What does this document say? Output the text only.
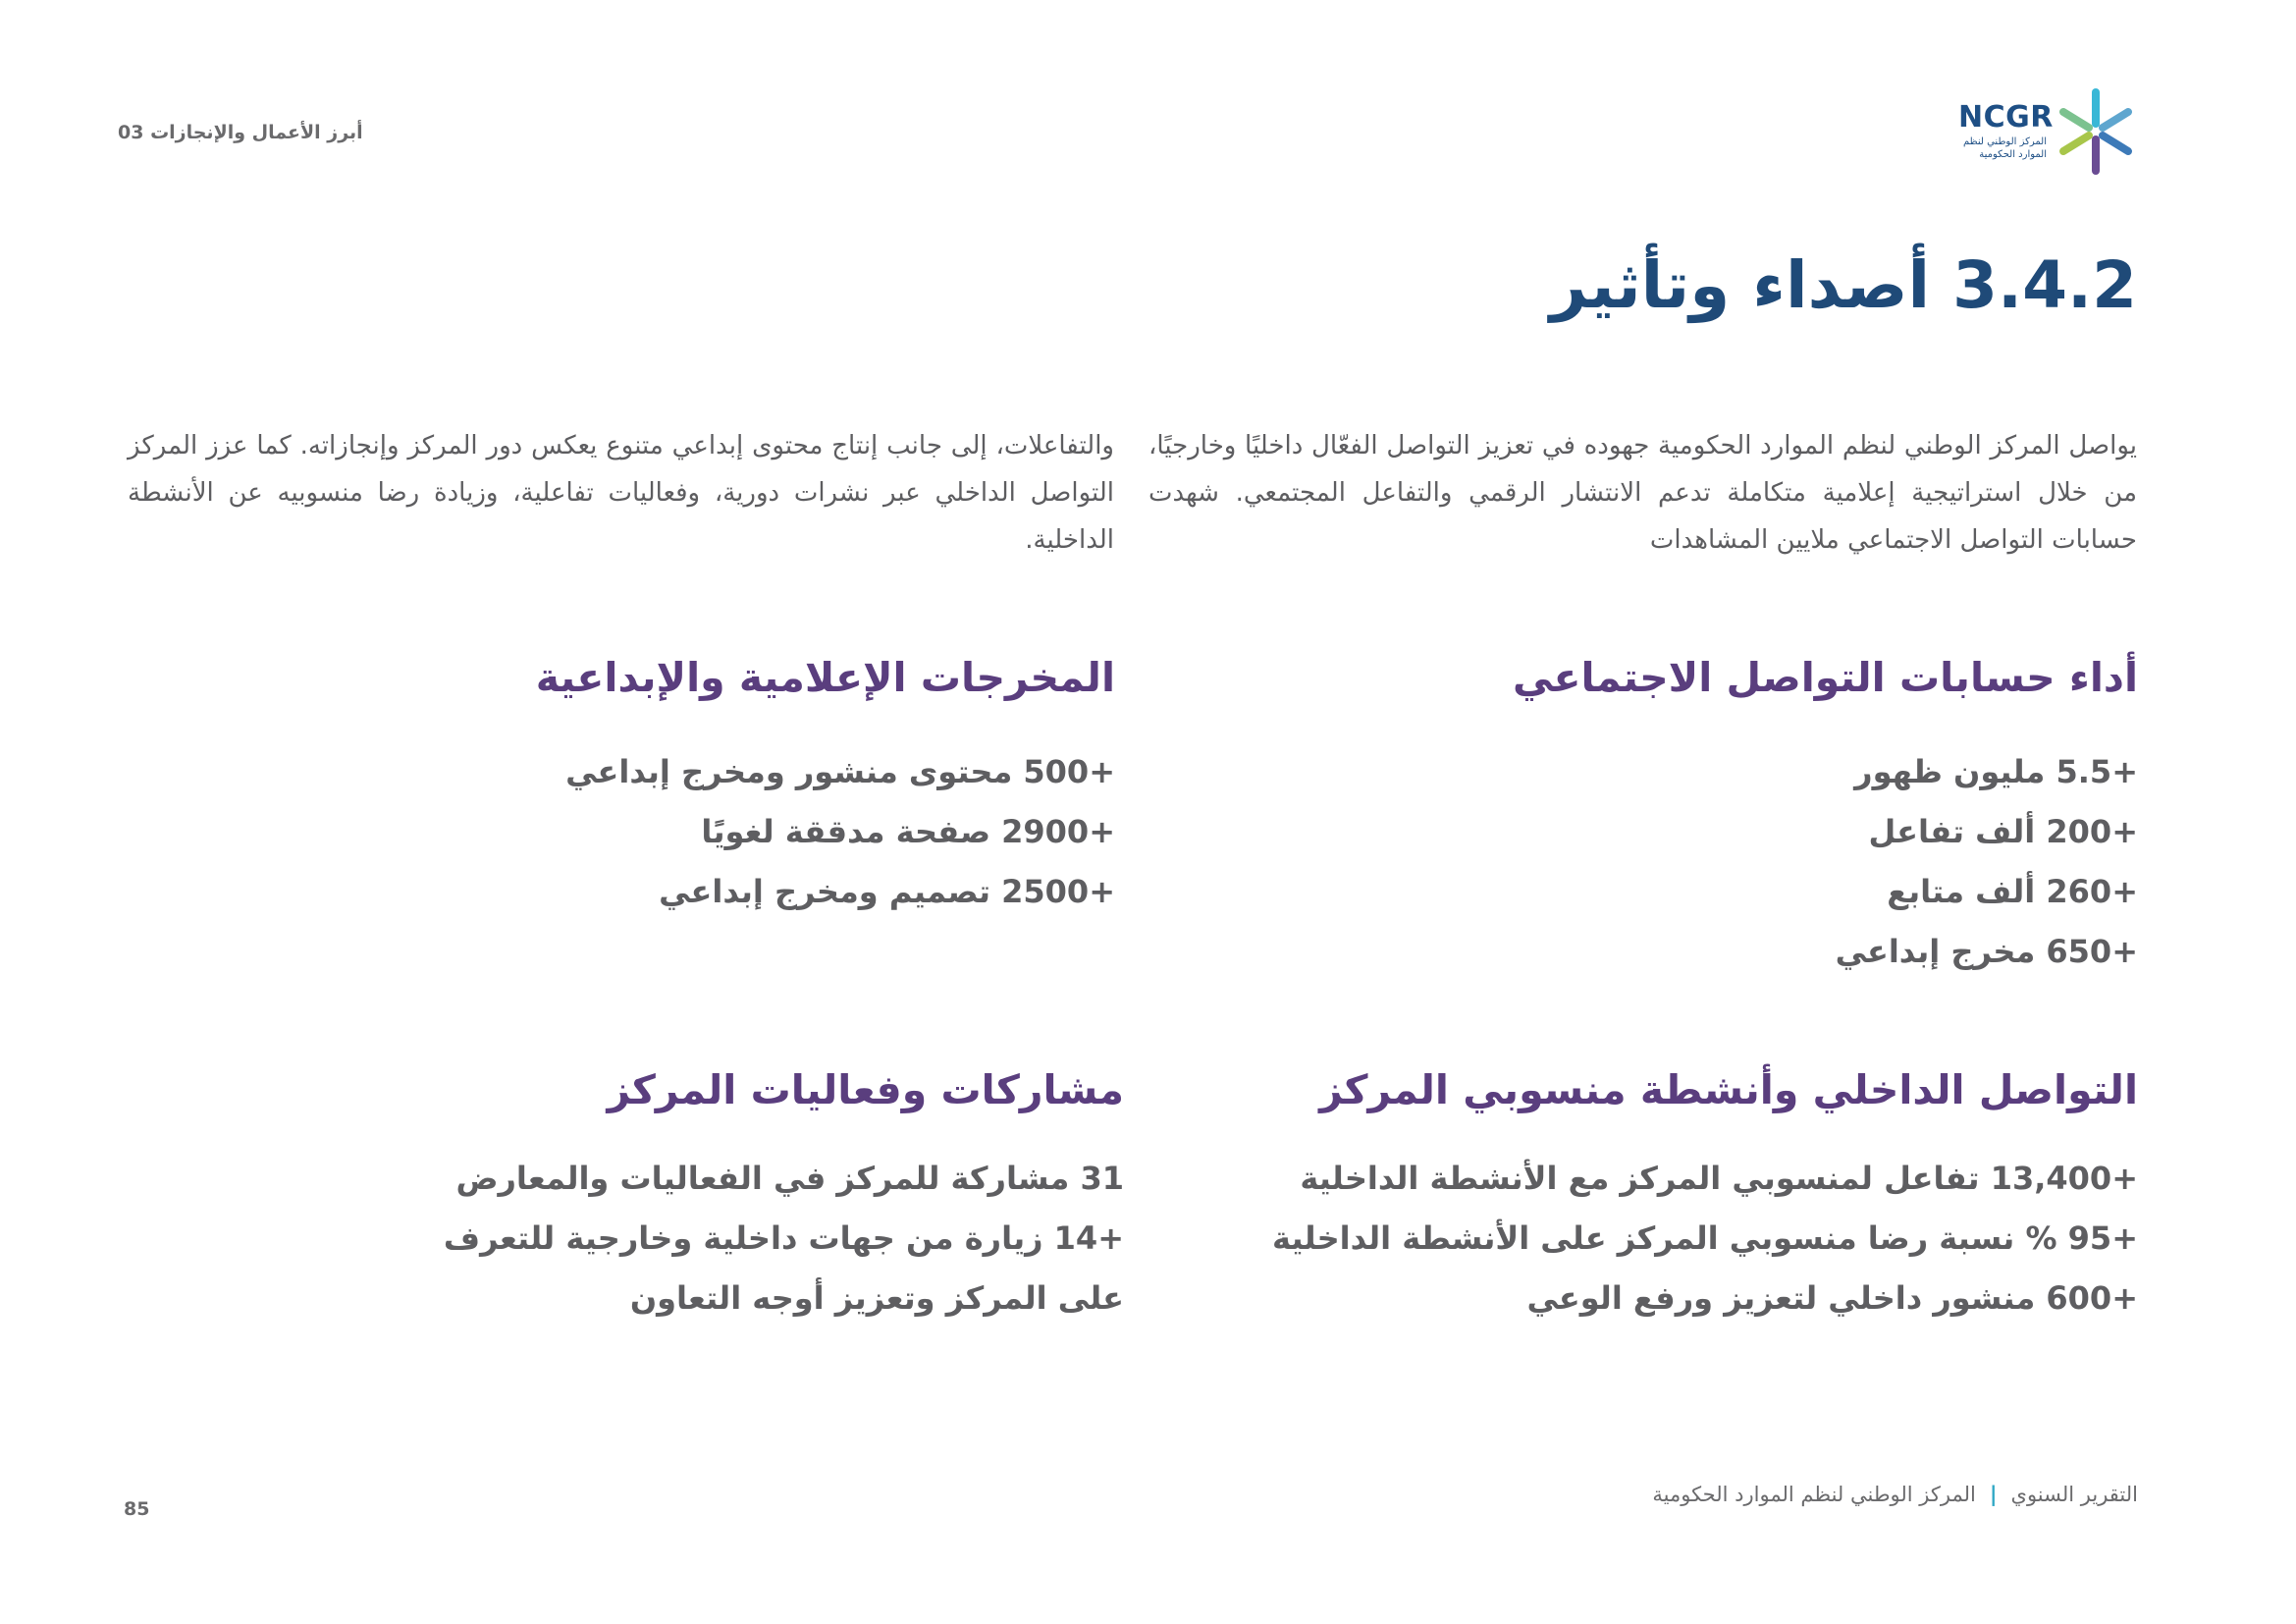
NCGR
المركز الوطني لنظم الموارد الحكومية
03 أبرز الأعمال والإنجازات
3.4.2 أصداء وتأثير
يواصل المركز الوطني لنظم الموارد الحكومية جهوده في تعزيز التواصل الفعّال داخليًا وخارجيًا، من خلال استراتيجية إعلامية متكاملة تدعم الانتشار الرقمي والتفاعل المجتمعي. شهدت حسابات التواصل الاجتماعي ملايين المشاهدات
والتفاعلات، إلى جانب إنتاج محتوى إبداعي متنوع يعكس دور المركز وإنجازاته. كما عزز المركز التواصل الداخلي عبر نشرات دورية، وفعاليات تفاعلية، وزيادة رضا منسوبيه عن الأنشطة الداخلية.
أداء حسابات التواصل الاجتماعي
+5.5 مليون ظهور
+200 ألف تفاعل
+260 ألف متابع
+650 مخرج إبداعي
المخرجات الإعلامية والإبداعية
+500 محتوى منشور ومخرج إبداعي
+2900 صفحة مدققة لغويًا
+2500 تصميم ومخرج إبداعي
التواصل الداخلي وأنشطة منسوبي المركز
+13,400 تفاعل لمنسوبي المركز مع الأنشطة الداخلية
+95 % نسبة رضا منسوبي المركز على الأنشطة الداخلية
+600 منشور داخلي لتعزيز ورفع الوعي
مشاركات وفعاليات المركز
31 مشاركة للمركز في الفعاليات والمعارض
+14 زيارة من جهات داخلية وخارجية للتعرف
على المركز وتعزيز أوجه التعاون
التقرير السنوي
|
المركز الوطني لنظم الموارد الحكومية
85
